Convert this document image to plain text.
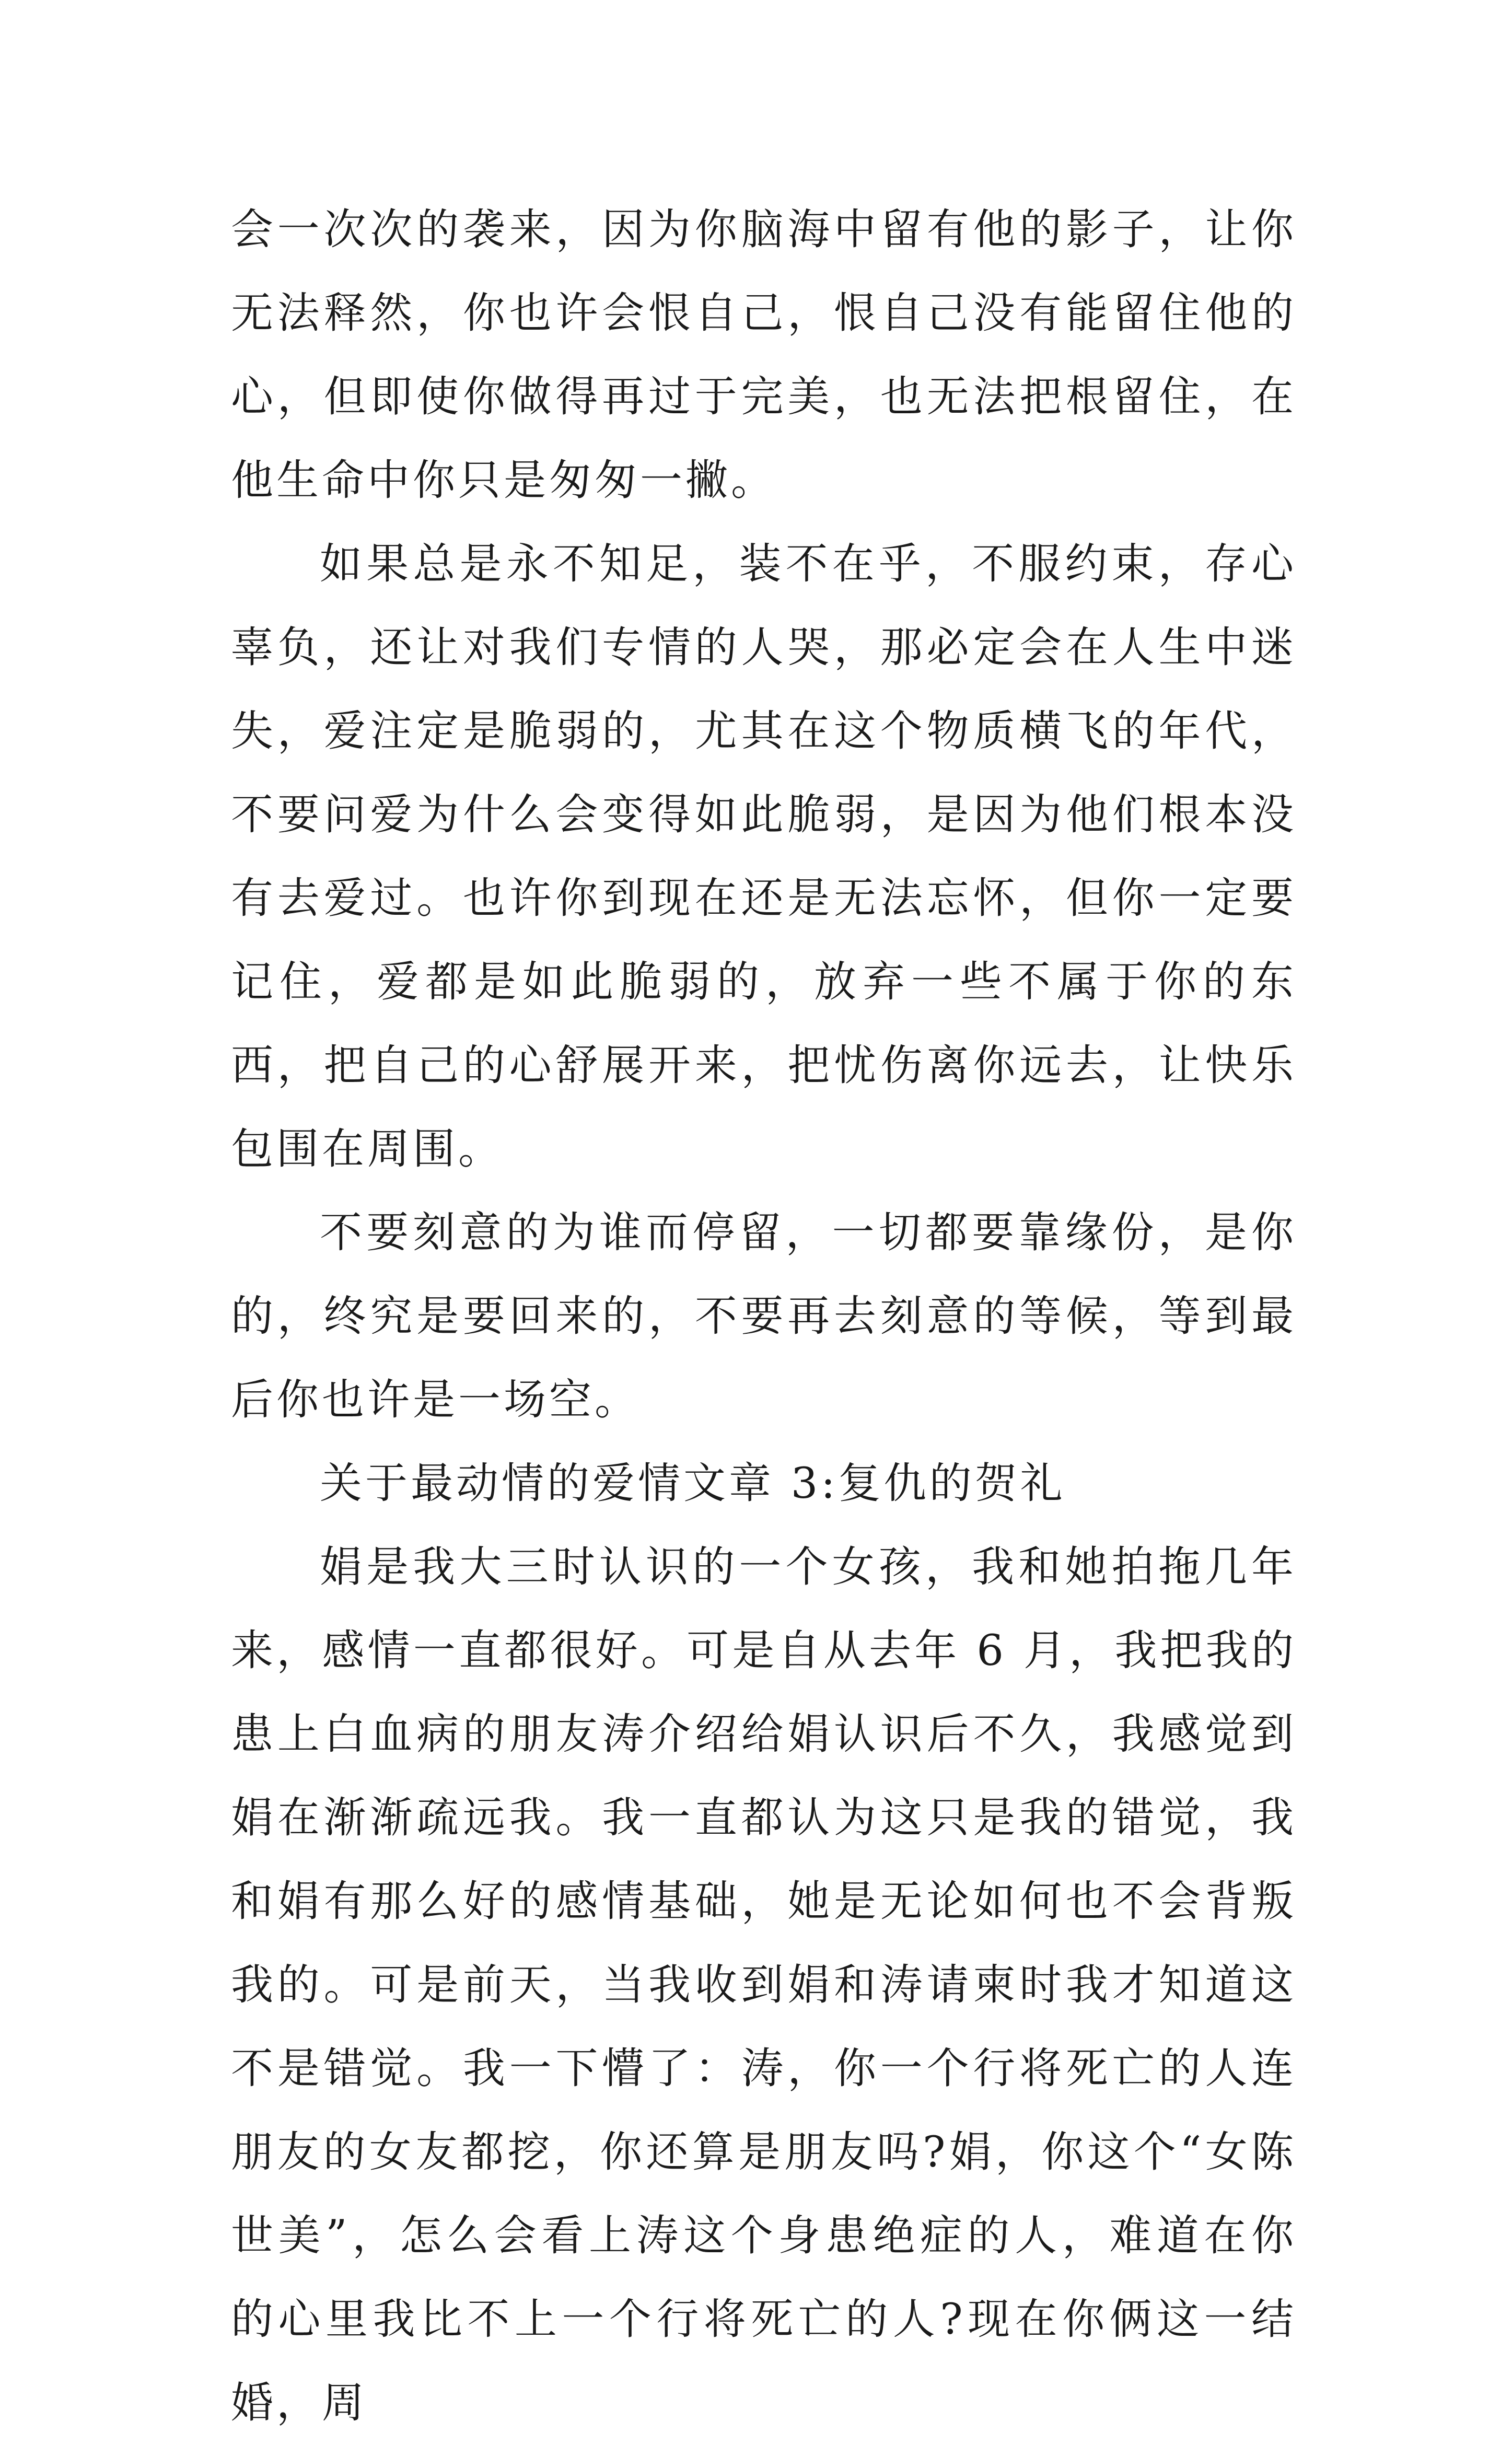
会一次次的袭来，因为你脑海中留有他的影子，让你无法释然，你也许会恨自己，恨自己没有能留住他的心，但即使你做得再过于完美，也无法把根留住，在他生命中你只是匆匆一撇。

如果总是永不知足，装不在乎，不服约束，存心辜负，还让对我们专情的人哭，那必定会在人生中迷失，爱注定是脆弱的，尤其在这个物质横飞的年代，不要问爱为什么会变得如此脆弱，是因为他们根本没有去爱过。也许你到现在还是无法忘怀，但你一定要记住，爱都是如此脆弱的，放弃一些不属于你的东西，把自己的心舒展开来，把忧伤离你远去，让快乐包围在周围。

不要刻意的为谁而停留，一切都要靠缘份，是你的，终究是要回来的，不要再去刻意的等候，等到最后你也许是一场空。

关于最动情的爱情文章 3:复仇的贺礼

娟是我大三时认识的一个女孩，我和她拍拖几年来，感情一直都很好。可是自从去年 6 月，我把我的患上白血病的朋友涛介绍给娟认识后不久，我感觉到娟在渐渐疏远我。我一直都认为这只是我的错觉，我和娟有那么好的感情基础，她是无论如何也不会背叛我的。可是前天，当我收到娟和涛请柬时我才知道这不是错觉。我一下懵了：涛，你一个行将死亡的人连朋友的女友都挖，你还算是朋友吗?娟，你这个“女陈世美”，怎么会看上涛这个身患绝症的人，难道在你的心里我比不上一个行将死亡的人?现在你俩这一结婚，周
